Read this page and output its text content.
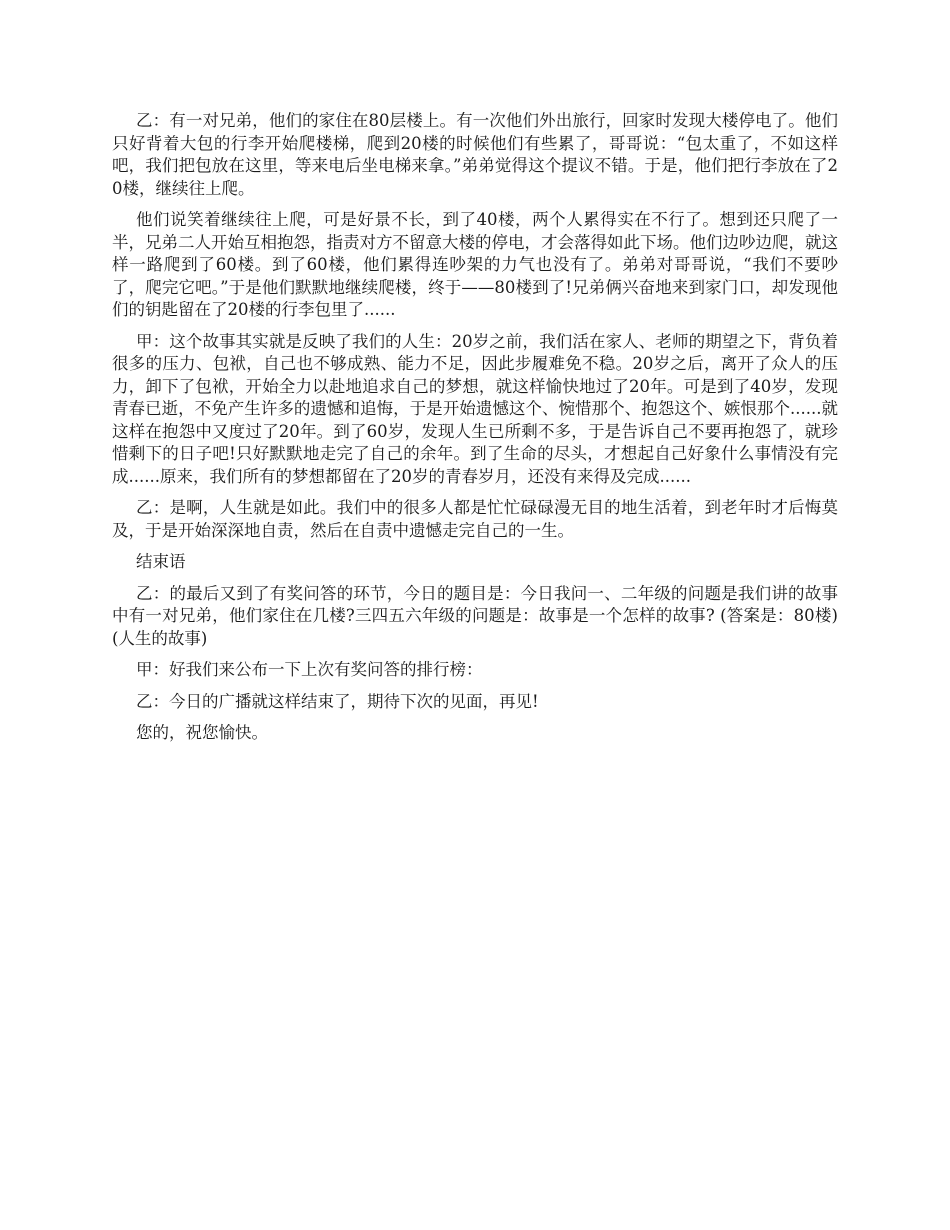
乙：有一对兄弟，他们的家住在80层楼上。有一次他们外出旅行，回家时发现大楼停电了。他们只好背着大包的行李开始爬楼梯，爬到20楼的时候他们有些累了，哥哥说：“包太重了，不如这样吧，我们把包放在这里，等来电后坐电梯来拿。”弟弟觉得这个提议不错。于是，他们把行李放在了20楼，继续往上爬。

他们说笑着继续往上爬，可是好景不长，到了40楼，两个人累得实在不行了。想到还只爬了一半，兄弟二人开始互相抱怨，指责对方不留意大楼的停电，才会落得如此下场。他们边吵边爬，就这样一路爬到了60楼。到了60楼，他们累得连吵架的力气也没有了。弟弟对哥哥说，“我们不要吵了，爬完它吧。”于是他们默默地继续爬楼，终于——80楼到了!兄弟俩兴奋地来到家门口，却发现他们的钥匙留在了20楼的行李包里了......

甲：这个故事其实就是反映了我们的人生：20岁之前，我们活在家人、老师的期望之下，背负着很多的压力、包袱，自己也不够成熟、能力不足，因此步履难免不稳。20岁之后，离开了众人的压力，卸下了包袱，开始全力以赴地追求自己的梦想，就这样愉快地过了20年。可是到了40岁，发现青春已逝，不免产生许多的遗憾和追悔，于是开始遗憾这个、惋惜那个、抱怨这个、嫉恨那个......就这样在抱怨中又度过了20年。到了60岁，发现人生已所剩不多，于是告诉自己不要再抱怨了，就珍惜剩下的日子吧!只好默默地走完了自己的余年。到了生命的尽头，才想起自己好象什么事情没有完成......原来，我们所有的梦想都留在了20岁的青春岁月，还没有来得及完成......

乙：是啊，人生就是如此。我们中的很多人都是忙忙碌碌漫无目的地生活着，到老年时才后悔莫及，于是开始深深地自责，然后在自责中遗憾走完自己的一生。

结束语

乙：的最后又到了有奖问答的环节，今日的题目是：今日我问一、二年级的问题是我们讲的故事中有一对兄弟，他们家住在几楼?三四五六年级的问题是：故事是一个怎样的故事? (答案是：80楼)(人生的故事)

甲：好我们来公布一下上次有奖问答的排行榜：

乙：今日的广播就这样结束了，期待下次的见面，再见!

您的，祝您愉快。
